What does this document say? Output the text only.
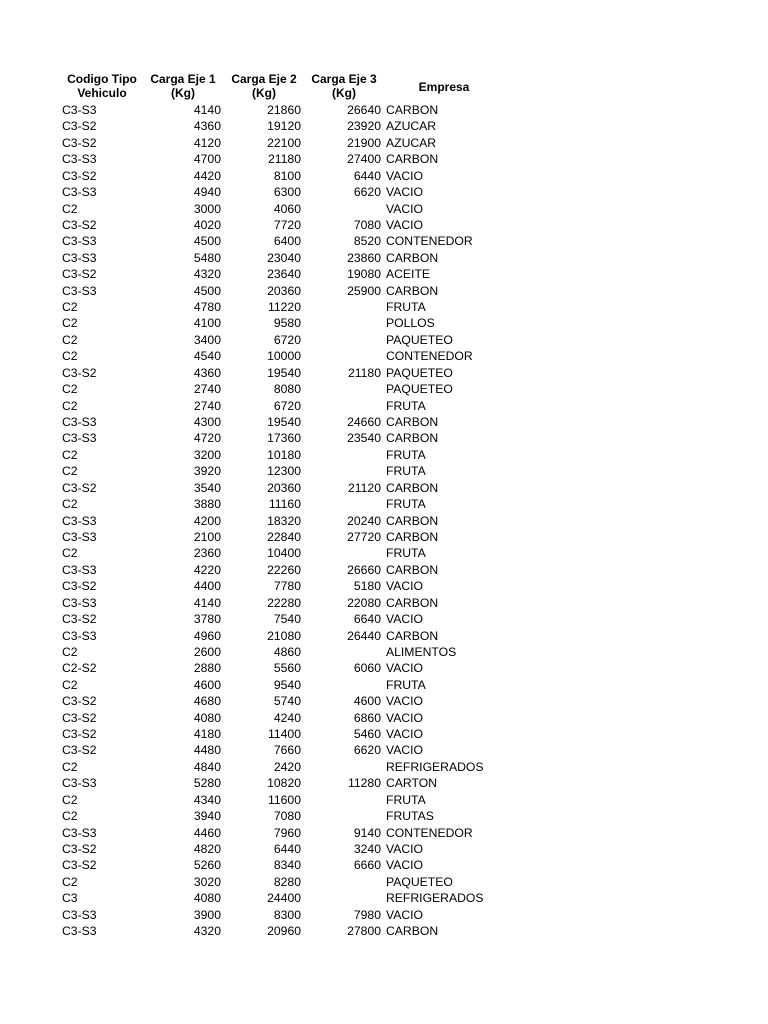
Codigo Tipo Vehiculo	Carga Eje 1 (Kg)	Carga Eje 2 (Kg)	Carga Eje 3 (Kg)	Empresa
C3-S3	4140	21860	26640	CARBON
C3-S2	4360	19120	23920	AZUCAR
C3-S2	4120	22100	21900	AZUCAR
C3-S3	4700	21180	27400	CARBON
C3-S2	4420	8100	6440	VACIO
C3-S3	4940	6300	6620	VACIO
C2	3000	4060		VACIO
C3-S2	4020	7720	7080	VACIO
C3-S3	4500	6400	8520	CONTENEDOR
C3-S3	5480	23040	23860	CARBON
C3-S2	4320	23640	19080	ACEITE
C3-S3	4500	20360	25900	CARBON
C2	4780	11220		FRUTA
C2	4100	9580		POLLOS
C2	3400	6720		PAQUETEO
C2	4540	10000		CONTENEDOR
C3-S2	4360	19540	21180	PAQUETEO
C2	2740	8080		PAQUETEO
C2	2740	6720		FRUTA
C3-S3	4300	19540	24660	CARBON
C3-S3	4720	17360	23540	CARBON
C2	3200	10180		FRUTA
C2	3920	12300		FRUTA
C3-S2	3540	20360	21120	CARBON
C2	3880	11160		FRUTA
C3-S3	4200	18320	20240	CARBON
C3-S3	2100	22840	27720	CARBON
C2	2360	10400		FRUTA
C3-S3	4220	22260	26660	CARBON
C3-S2	4400	7780	5180	VACIO
C3-S3	4140	22280	22080	CARBON
C3-S2	3780	7540	6640	VACIO
C3-S3	4960	21080	26440	CARBON
C2	2600	4860		ALIMENTOS
C2-S2	2880	5560	6060	VACIO
C2	4600	9540		FRUTA
C3-S2	4680	5740	4600	VACIO
C3-S2	4080	4240	6860	VACIO
C3-S2	4180	11400	5460	VACIO
C3-S2	4480	7660	6620	VACIO
C2	4840	2420		REFRIGERADOS
C3-S3	5280	10820	11280	CARTON
C2	4340	11600		FRUTA
C2	3940	7080		FRUTAS
C3-S3	4460	7960	9140	CONTENEDOR
C3-S2	4820	6440	3240	VACIO
C3-S2	5260	8340	6660	VACIO
C2	3020	8280		PAQUETEO
C3	4080	24400		REFRIGERADOS
C3-S3	3900	8300	7980	VACIO
C3-S3	4320	20960	27800	CARBON
